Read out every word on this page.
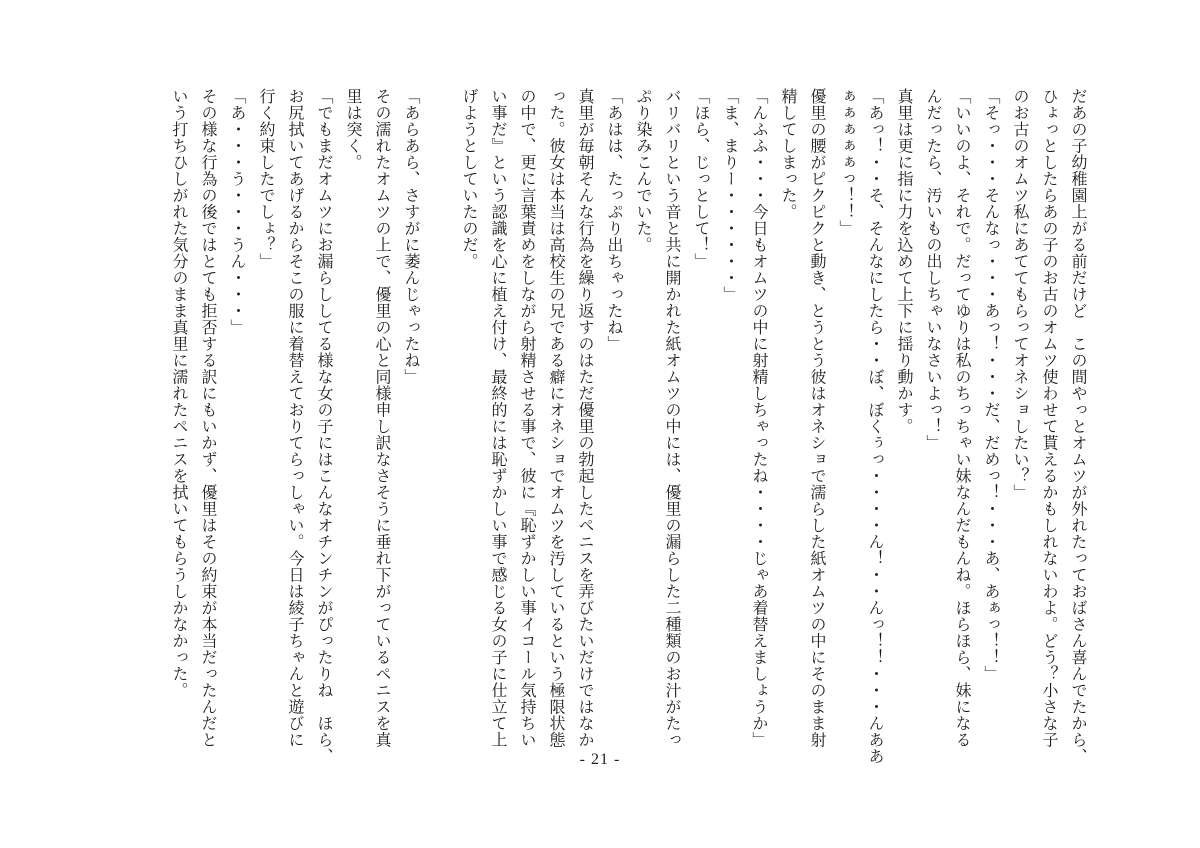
だあの子幼稚園上がる前だけど　この間やっとオムツが外れたっておばさん喜んでたから、
ひょっとしたらあの子のお古のオムツ使わせて貰えるかもしれないわよ。どう？小さな子
のお古のオムツ私にあててもらってオネショしたい？」
「そっ・・・そんなっ・・・あっ！・・・だ、だめっ！・・・あ、あぁっ！！」
「いいのよ、それで。だってゆりは私のちっちゃい妹なんだもんね。ほらほら、妹になる
んだったら、汚いもの出しちゃいなさいよっ！」
真里は更に指に力を込めて上下に揺り動かす。
「あっ！・・そ、そんなにしたら・・ぼ、ぼくぅっ・・・・ん！・・んっ！！・・・んああ
ぁぁぁぁぁっ！！」
優里の腰がピクピクと動き、とうとう彼はオネショで濡らした紙オムツの中にそのまま射
精してしまった。
「んふふ・・・今日もオムツの中に射精しちゃったね・・・・じゃあ着替えましょうか」
「ま、まりー・・・・・・」
「ほら、じっとして！」
バリバリという音と共に開かれた紙オムツの中には、優里の漏らした二種類のお汁がたっ
ぷり染みこんでいた。
「あはは、たっぷり出ちゃったね」
真里が毎朝そんな行為を繰り返すのはただ優里の勃起したペニスを弄びたいだけではなか
った。彼女は本当は高校生の兄である癖にオネショでオムツを汚しているという極限状態
の中で、更に言葉責めをしながら射精させる事で、彼に『恥ずかしい事イコール気持ちい
い事だ』という認識を心に植え付け、最終的には恥ずかしい事で感じる女の子に仕立て上
げようとしていたのだ。
「あらあら、さすがに萎んじゃったね」
その濡れたオムツの上で、優里の心と同様申し訳なさそうに垂れ下がっているペニスを真
里は突く。
「でもまだオムツにお漏らししてる様な女の子にはこんなオチンチンがぴったりね　ほら、
お尻拭いてあげるからそこの服に着替えておりてらっしゃい。今日は綾子ちゃんと遊びに
行く約束したでしょ？」
「あ・・・う・・・うん・・・」
その様な行為の後ではとても拒否する訳にもいかず、優里はその約束が本当だったんだと
いう打ちひしがれた気分のまま真里に濡れたペニスを拭いてもらうしかなかった。
- 21 -
